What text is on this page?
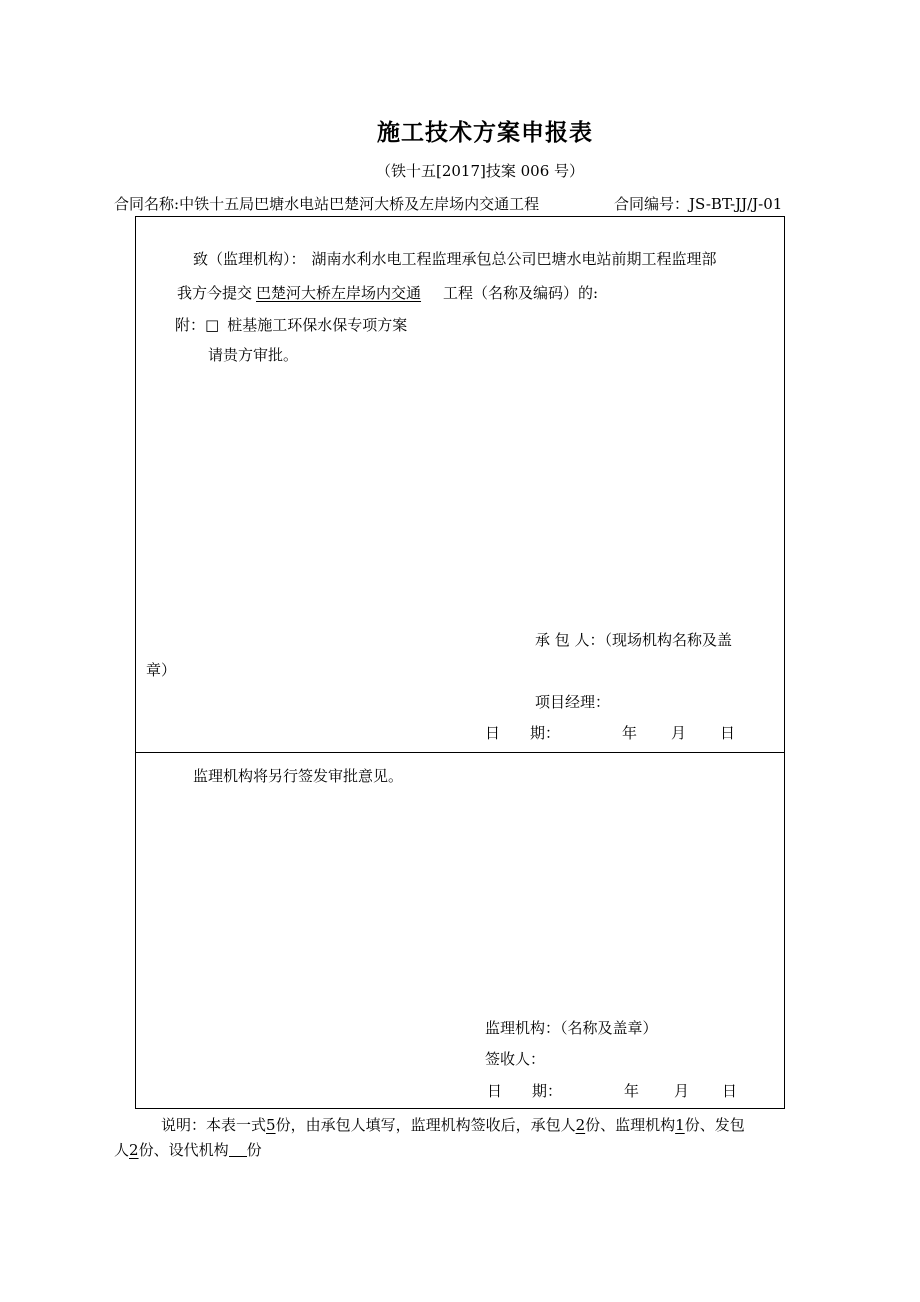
施工技术方案申报表
（铁十五[2017]技案 006 号）
合同名称:中铁十五局巴塘水电站巴楚河大桥及左岸场内交通工程	合同编号：JS-BT-JJ/J-01
致（监理机构）： 湖南水利水电工程监理承包总公司巴塘水电站前期工程监理部
我方今提交 巴楚河大桥左岸场内交通 工程（名称及编码）的:
附：□ 桩基施工环保水保专项方案
请贵方审批。
承 包 人：（现场机构名称及盖
章）
项目经理：
日　　期：	年 月 日
监理机构将另行签发审批意见。
监理机构：（名称及盖章）
签收人：
日　　期：	年 月 日
说明：本表一式5份，由承包人填写，监理机构签收后，承包人2份、监理机构1份、发包
人2份、设代机构 份
